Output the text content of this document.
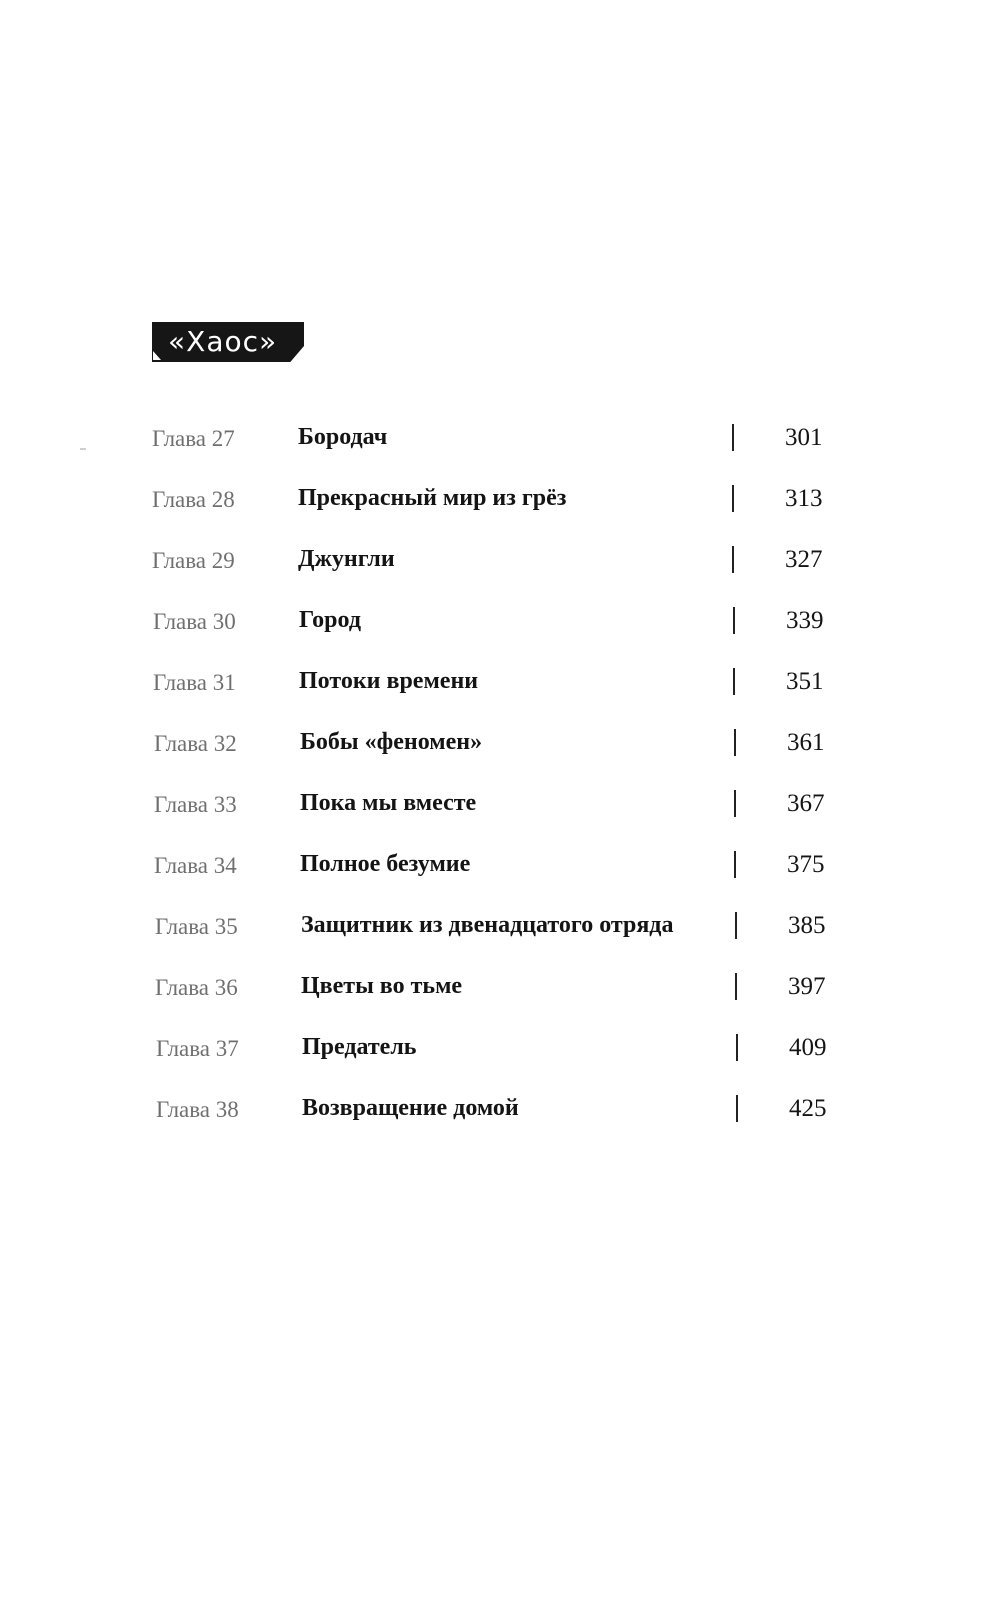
«Хаос»
Глава 27	Бородач	301
Глава 28	Прекрасный мир из грёз	313
Глава 29	Джунгли	327
Глава 30	Город	339
Глава 31	Потоки времени	351
Глава 32	Бобы «феномен»	361
Глава 33	Пока мы вместе	367
Глава 34	Полное безумие	375
Глава 35	Защитник из двенадцатого отряда	385
Глава 36	Цветы во тьме	397
Глава 37	Предатель	409
Глава 38	Возвращение домой	425
